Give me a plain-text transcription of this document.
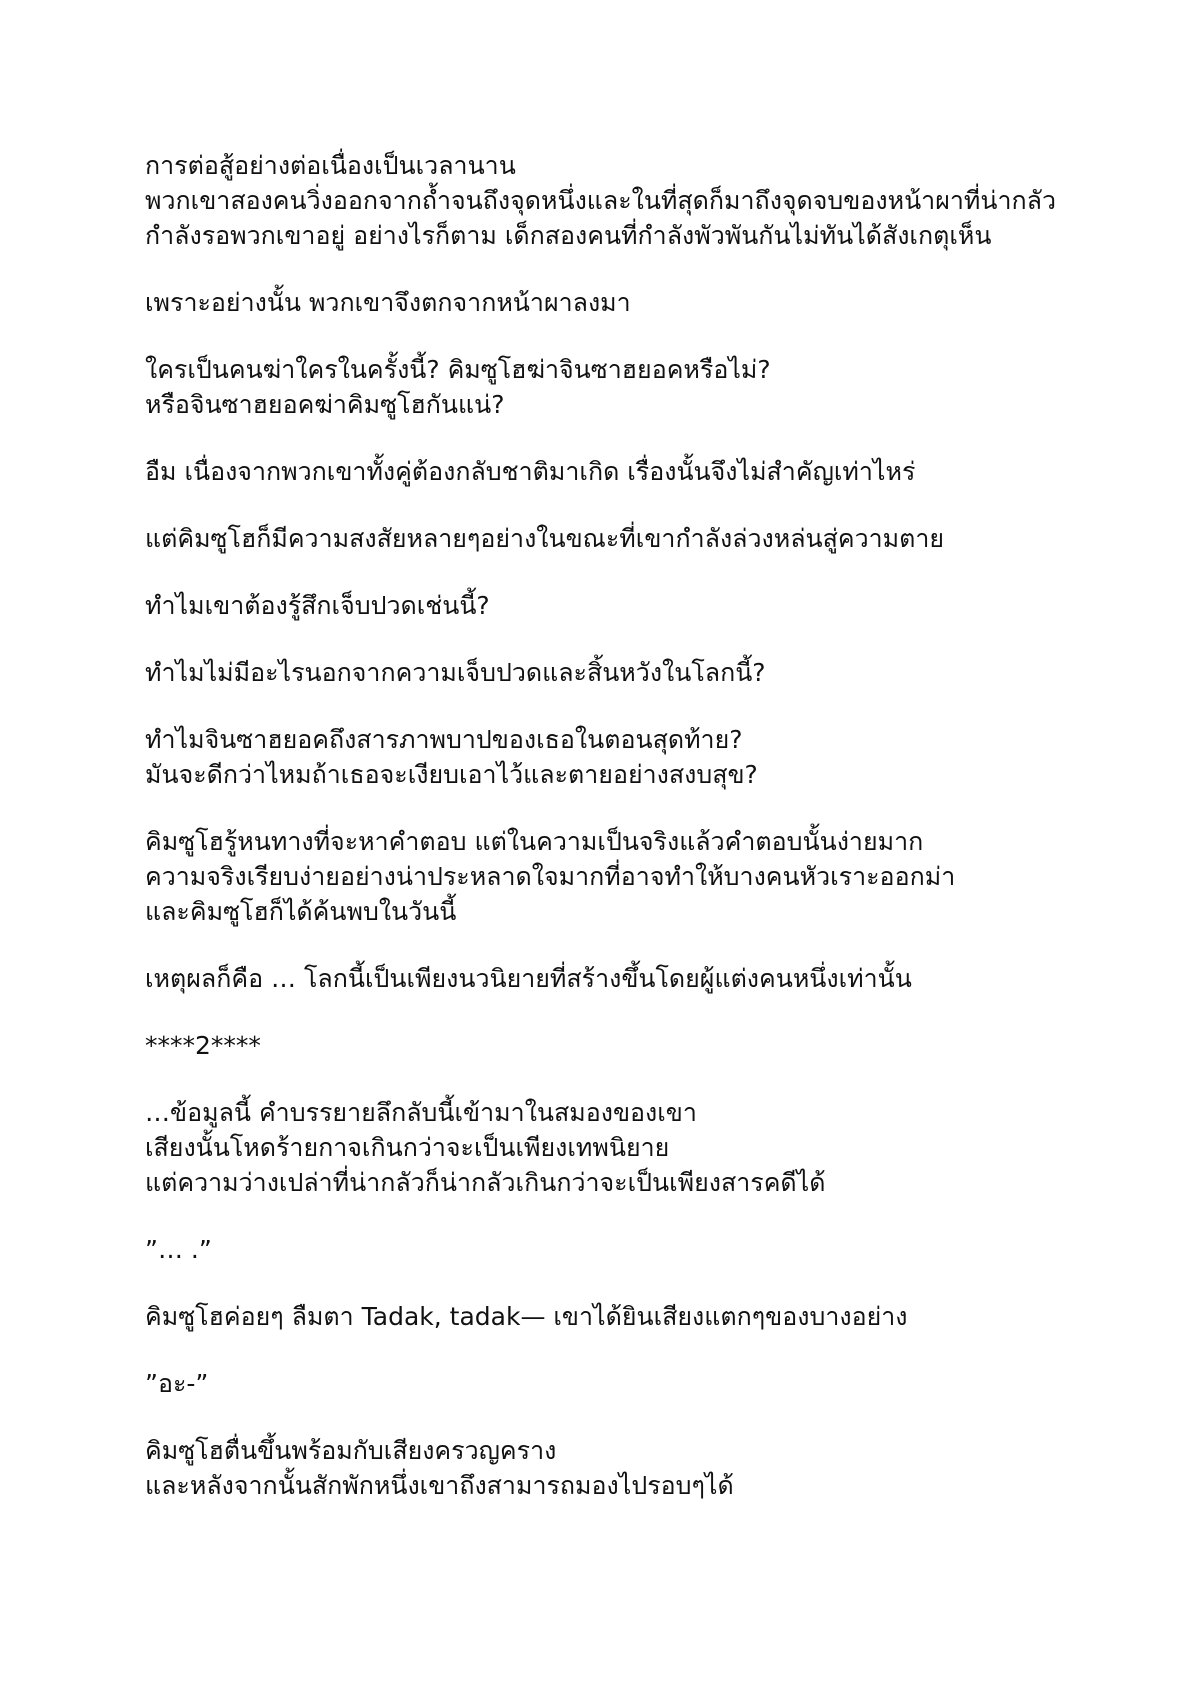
การต่อสู้อย่างต่อเนื่องเป็นเวลานาน
พวกเขาสองคนวิ่งออกจากถ้ำจนถึงจุดหนึ่งและในที่สุดก็มาถึงจุดจบของหน้าผาที่น่ากลัว
กำลังรอพวกเขาอยู่ อย่างไรก็ตาม เด็กสองคนที่กำลังพัวพันกันไม่ทันได้สังเกตุเห็น
เพราะอย่างนั้น พวกเขาจึงตกจากหน้าผาลงมา
ใครเป็นคนฆ่าใครในครั้งนี้? คิมซูโฮฆ่าจินซาฮยอคหรือไม่?
หรือจินซาฮยอคฆ่าคิมซูโฮกันแน่?
อืม เนื่องจากพวกเขาทั้งคู่ต้องกลับชาติมาเกิด เรื่องนั้นจึงไม่สำคัญเท่าไหร่
แต่คิมซูโฮก็มีความสงสัยหลายๆอย่างในขณะที่เขากำลังล่วงหล่นสู่ความตาย
ทำไมเขาต้องรู้สึกเจ็บปวดเช่นนี้?
ทำไมไม่มีอะไรนอกจากความเจ็บปวดและสิ้นหวังในโลกนี้?
ทำไมจินซาฮยอคถึงสารภาพบาปของเธอในตอนสุดท้าย?
มันจะดีกว่าไหมถ้าเธอจะเงียบเอาไว้และตายอย่างสงบสุข?
คิมซูโฮรู้หนทางที่จะหาคำตอบ แต่ในความเป็นจริงแล้วคำตอบนั้นง่ายมาก
ความจริงเรียบง่ายอย่างน่าประหลาดใจมากที่อาจทำให้บางคนหัวเราะออกม่า
และคิมซูโฮก็ได้ค้นพบในวันนี้
เหตุผลก็คือ … โลกนี้เป็นเพียงนวนิยายที่สร้างขึ้นโดยผู้แต่งคนหนึ่งเท่านั้น
****2****
…ข้อมูลนี้ คำบรรยายลึกลับนี้เข้ามาในสมองของเขา
เสียงนั้นโหดร้ายกาจเกินกว่าจะเป็นเพียงเทพนิยาย
แต่ความว่างเปล่าที่น่ากลัวก็น่ากลัวเกินกว่าจะเป็นเพียงสารคดีได้
”… .”
คิมซูโฮค่อยๆ ลืมตา Tadak, tadak— เขาได้ยินเสียงแตกๆของบางอย่าง
”อะ-”
คิมซูโฮตื่นขึ้นพร้อมกับเสียงครวญคราง
และหลังจากนั้นสักพักหนึ่งเขาถึงสามารถมองไปรอบๆได้
